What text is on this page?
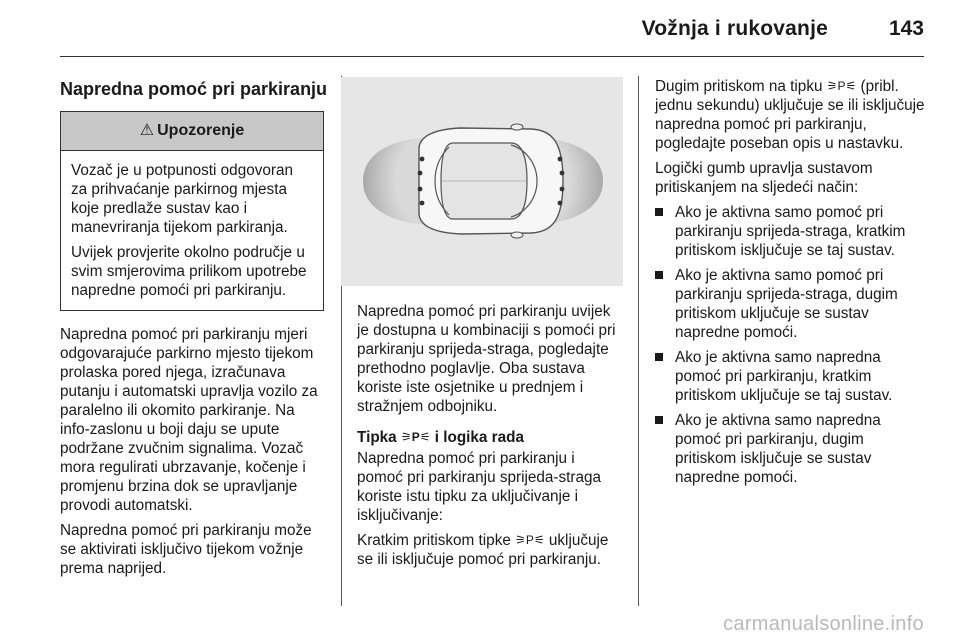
Vožnja i rukovanje	143
Napredna pomoć pri parkiranju
⚠ Upozorenje

Vozač je u potpunosti odgovoran za prihvaćanje parkirnog mjesta koje predlaže sustav kao i manevriranja tijekom parkiranja.

Uvijek provjerite okolno područje u svim smjerovima prilikom upotrebe napredne pomoći pri parkiranju.

Napredna pomoć pri parkiranju mjeri odgovarajuće parkirno mjesto tijekom prolaska pored njega, izračunava putanju i automatski upravlja vozilo za paralelno ili okomito parkiranje. Na info-zaslonu u boji daju se upute podržane zvučnim signalima. Vozač mora regulirati ubrzavanje, kočenje i promjenu brzina dok se upravljanje provodi automatski.

Napredna pomoć pri parkiranju može se aktivirati isključivo tijekom vožnje prema naprijed.

Napredna pomoć pri parkiranju uvijek je dostupna u kombinaciji s pomoći pri parkiranju sprijeda-straga, pogledajte prethodno poglavlje. Oba sustava koriste iste osjetnike u prednjem i stražnjem odbojniku.

Tipka ⚞P⚟ i logika rada

Napredna pomoć pri parkiranju i pomoć pri parkiranju sprijeda-straga koriste istu tipku za uključivanje i isključivanje:

Kratkim pritiskom tipke ⚞P⚟ uključuje se ili isključuje pomoć pri parkiranju.

Dugim pritiskom na tipku ⚞P⚟ (pribl. jednu sekundu) uključuje se ili isključuje napredna pomoć pri parkiranju, pogledajte poseban opis u nastavku.

Logički gumb upravlja sustavom pritiskanjem na sljedeći način:

Ako je aktivna samo pomoć pri parkiranju sprijeda-straga, kratkim pritiskom isključuje se taj sustav.
Ako je aktivna samo pomoć pri parkiranju sprijeda-straga, dugim pritiskom uključuje se sustav napredne pomoći.
Ako je aktivna samo napredna pomoć pri parkiranju, kratkim pritiskom uključuje se taj sustav.
Ako je aktivna samo napredna pomoć pri parkiranju, dugim pritiskom isključuje se sustav napredne pomoći.
carmanualsonline.info
